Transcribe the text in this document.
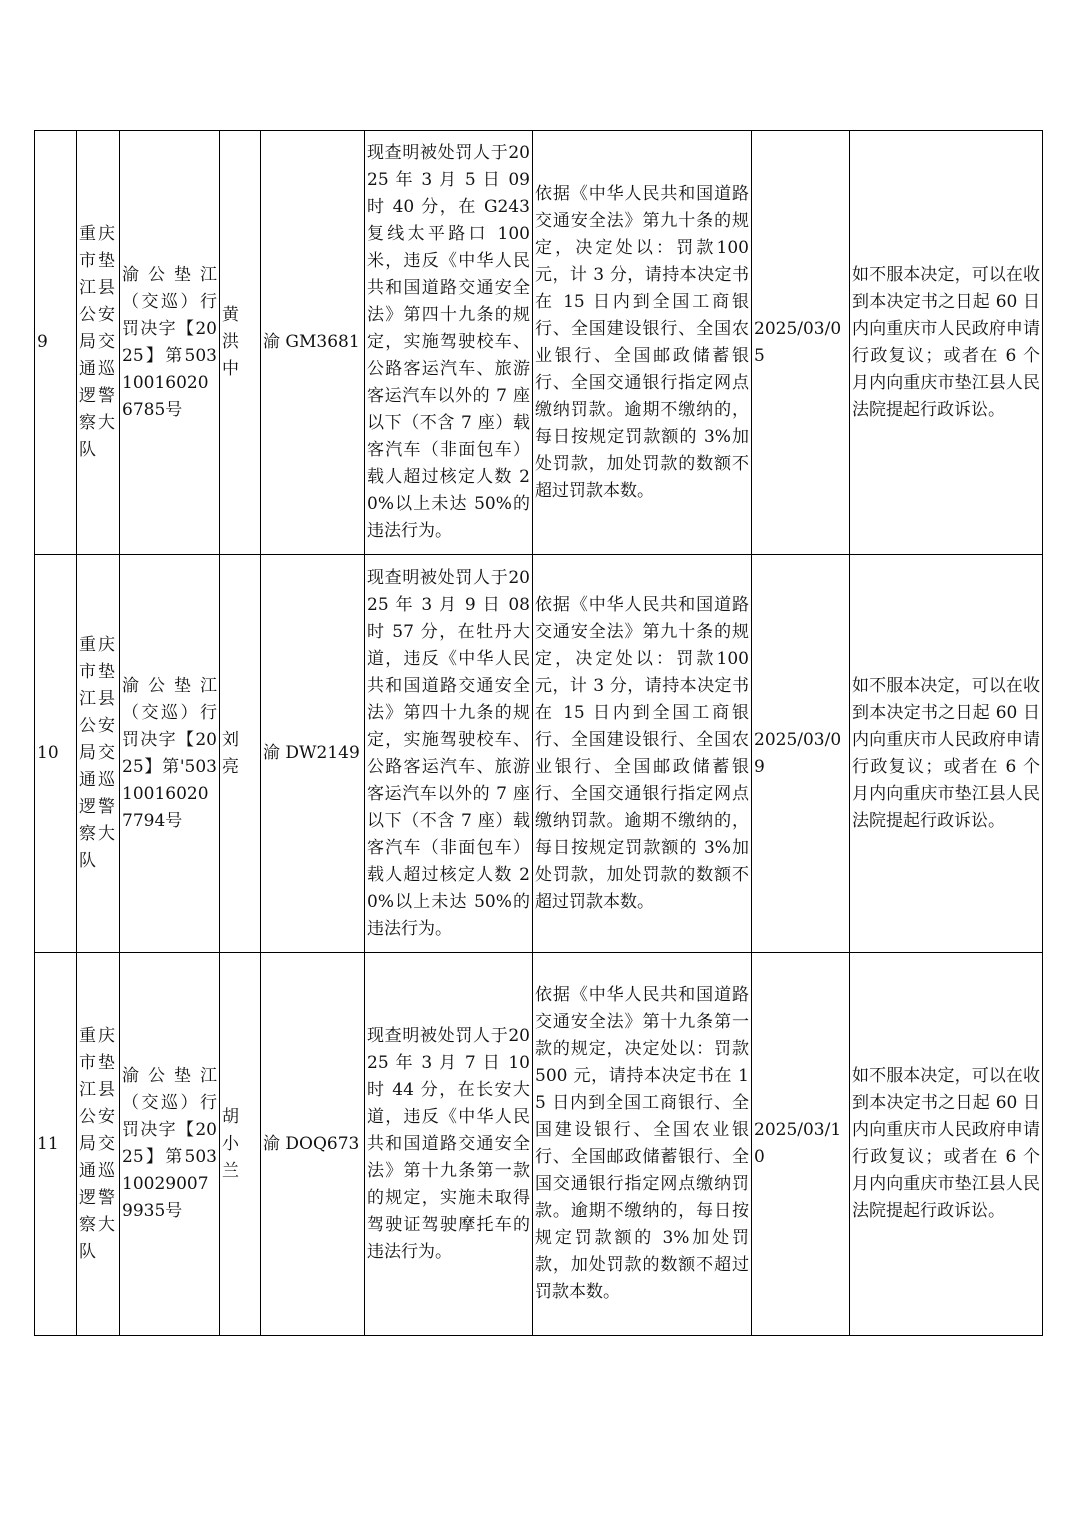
9	重庆市垫江县公安局交通巡逻警察大队	渝公垫江（交巡）行罚决字【2025】第503100160206785号	黄洪中	渝 GM3681	现查明被处罚人于2025 年 3 月 5 日 09 时 40 分，在 G243 复线太平路口 100 米，违反《中华人民共和国道路交通安全法》第四十九条的规定，实施驾驶校车、公路客运汽车、旅游客运汽车以外的 7 座以下（不含 7 座）载客汽车（非面包车）载人超过核定人数 20%以上未达 50%的违法行为。	依据《中华人民共和国道路交通安全法》第九十条的规定，决定处以：罚款100 元，计 3 分，请持本决定书在 15 日内到全国工商银行、全国建设银行、全国农业银行、全国邮政储蓄银行、全国交通银行指定网点缴纳罚款。逾期不缴纳的，每日按规定罚款额的 3%加处罚款，加处罚款的数额不超过罚款本数。	2025/03/05	如不服本决定，可以在收到本决定书之日起 60 日内向重庆市人民政府申请行政复议；或者在 6 个月内向重庆市垫江县人民法院提起行政诉讼。
10	重庆市垫江县公安局交通巡逻警察大队	渝公垫江（交巡）行罚决字【2025】第'503100160207794号	刘亮	渝 DW2149	现查明被处罚人于2025 年 3 月 9 日 08 时 57 分，在牡丹大道，违反《中华人民共和国道路交通安全法》第四十九条的规定，实施驾驶校车、公路客运汽车、旅游客运汽车以外的 7 座以下（不含 7 座）载客汽车（非面包车）载人超过核定人数 20%以上未达 50%的违法行为。	依据《中华人民共和国道路交通安全法》第九十条的规定，决定处以：罚款100 元，计 3 分，请持本决定书在 15 日内到全国工商银行、全国建设银行、全国农业银行、全国邮政储蓄银行、全国交通银行指定网点缴纳罚款。逾期不缴纳的，每日按规定罚款额的 3%加处罚款，加处罚款的数额不超过罚款本数。	2025/03/09	如不服本决定，可以在收到本决定书之日起 60 日内向重庆市人民政府申请行政复议；或者在 6 个月内向重庆市垫江县人民法院提起行政诉讼。
11	重庆市垫江县公安局交通巡逻警察大队	渝公垫江（交巡）行罚决字【2025】第503100290079935号	胡小兰	渝 DOQ673	现查明被处罚人于2025 年 3 月 7 日 10 时 44 分，在长安大道，违反《中华人民共和国道路交通安全法》第十九条第一款的规定，实施未取得驾驶证驾驶摩托车的违法行为。	依据《中华人民共和国道路交通安全法》第十九条第一款的规定，决定处以：罚款 500 元，请持本决定书在 15 日内到全国工商银行、全国建设银行、全国农业银行、全国邮政储蓄银行、全国交通银行指定网点缴纳罚款。逾期不缴纳的，每日按规定罚款额的 3%加处罚款，加处罚款的数额不超过罚款本数。	2025/03/10	如不服本决定，可以在收到本决定书之日起 60 日内向重庆市人民政府申请行政复议；或者在 6 个月内向重庆市垫江县人民法院提起行政诉讼。
